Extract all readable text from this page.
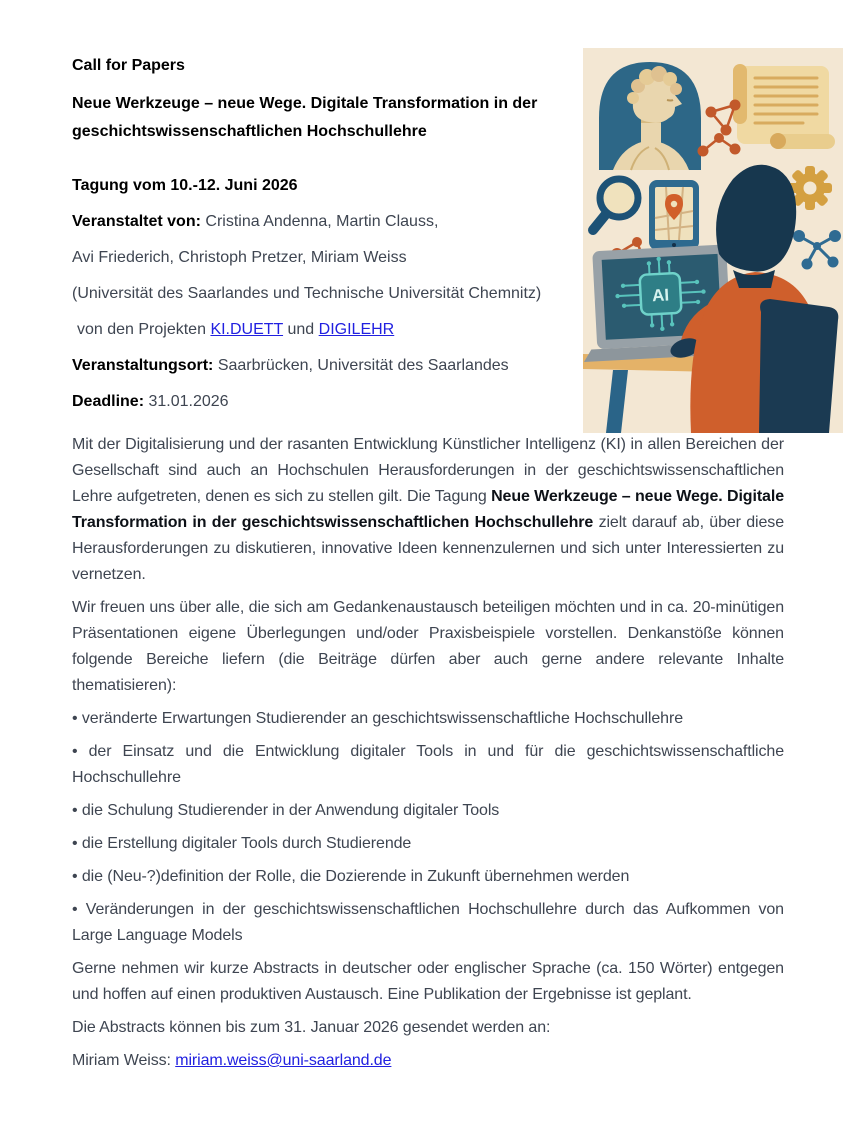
Call for Papers

Neue Werkzeuge – neue Wege. Digitale Transformation in der geschichtswissenschaftlichen Hochschullehre

Tagung vom 10.-12. Juni 2026

Veranstaltet von: Cristina Andenna, Martin Clauss,

Avi Friederich, Christoph Pretzer, Miriam Weiss

(Universität des Saarlandes und Technische Universität Chemnitz)

von den Projekten KI.DUETT und DIGILEHR

Veranstaltungsort: Saarbrücken, Universität des Saarlandes

Deadline: 31.01.2026

Mit der Digitalisierung und der rasanten Entwicklung Künstlicher Intelligenz (KI) in allen Bereichen der Gesellschaft sind auch an Hochschulen Herausforderungen in der geschichtswissenschaftlichen Lehre aufgetreten, denen es sich zu stellen gilt. Die Tagung Neue Werkzeuge – neue Wege. Digitale Transformation in der geschichtswissenschaftlichen Hochschullehre zielt darauf ab, über diese Herausforderungen zu diskutieren, innovative Ideen kennenzulernen und sich unter Interessierten zu vernetzen.

Wir freuen uns über alle, die sich am Gedankenaustausch beteiligen möchten und in ca. 20-minütigen Präsentationen eigene Überlegungen und/oder Praxisbeispiele vorstellen. Denkanstöße können folgende Bereiche liefern (die Beiträge dürfen aber auch gerne andere relevante Inhalte thematisieren):

• veränderte Erwartungen Studierender an geschichtswissenschaftliche Hochschullehre

• der Einsatz und die Entwicklung digitaler Tools in und für die geschichtswissenschaftliche Hochschullehre

• die Schulung Studierender in der Anwendung digitaler Tools

• die Erstellung digitaler Tools durch Studierende

• die (Neu-?)definition der Rolle, die Dozierende in Zukunft übernehmen werden

• Veränderungen in der geschichtswissenschaftlichen Hochschullehre durch das Aufkommen von Large Language Models

Gerne nehmen wir kurze Abstracts in deutscher oder englischer Sprache (ca. 150 Wörter) entgegen und hoffen auf einen produktiven Austausch. Eine Publikation der Ergebnisse ist geplant.

Die Abstracts können bis zum 31. Januar 2026 gesendet werden an:

Miriam Weiss: miriam.weiss@uni-saarland.de

AI
